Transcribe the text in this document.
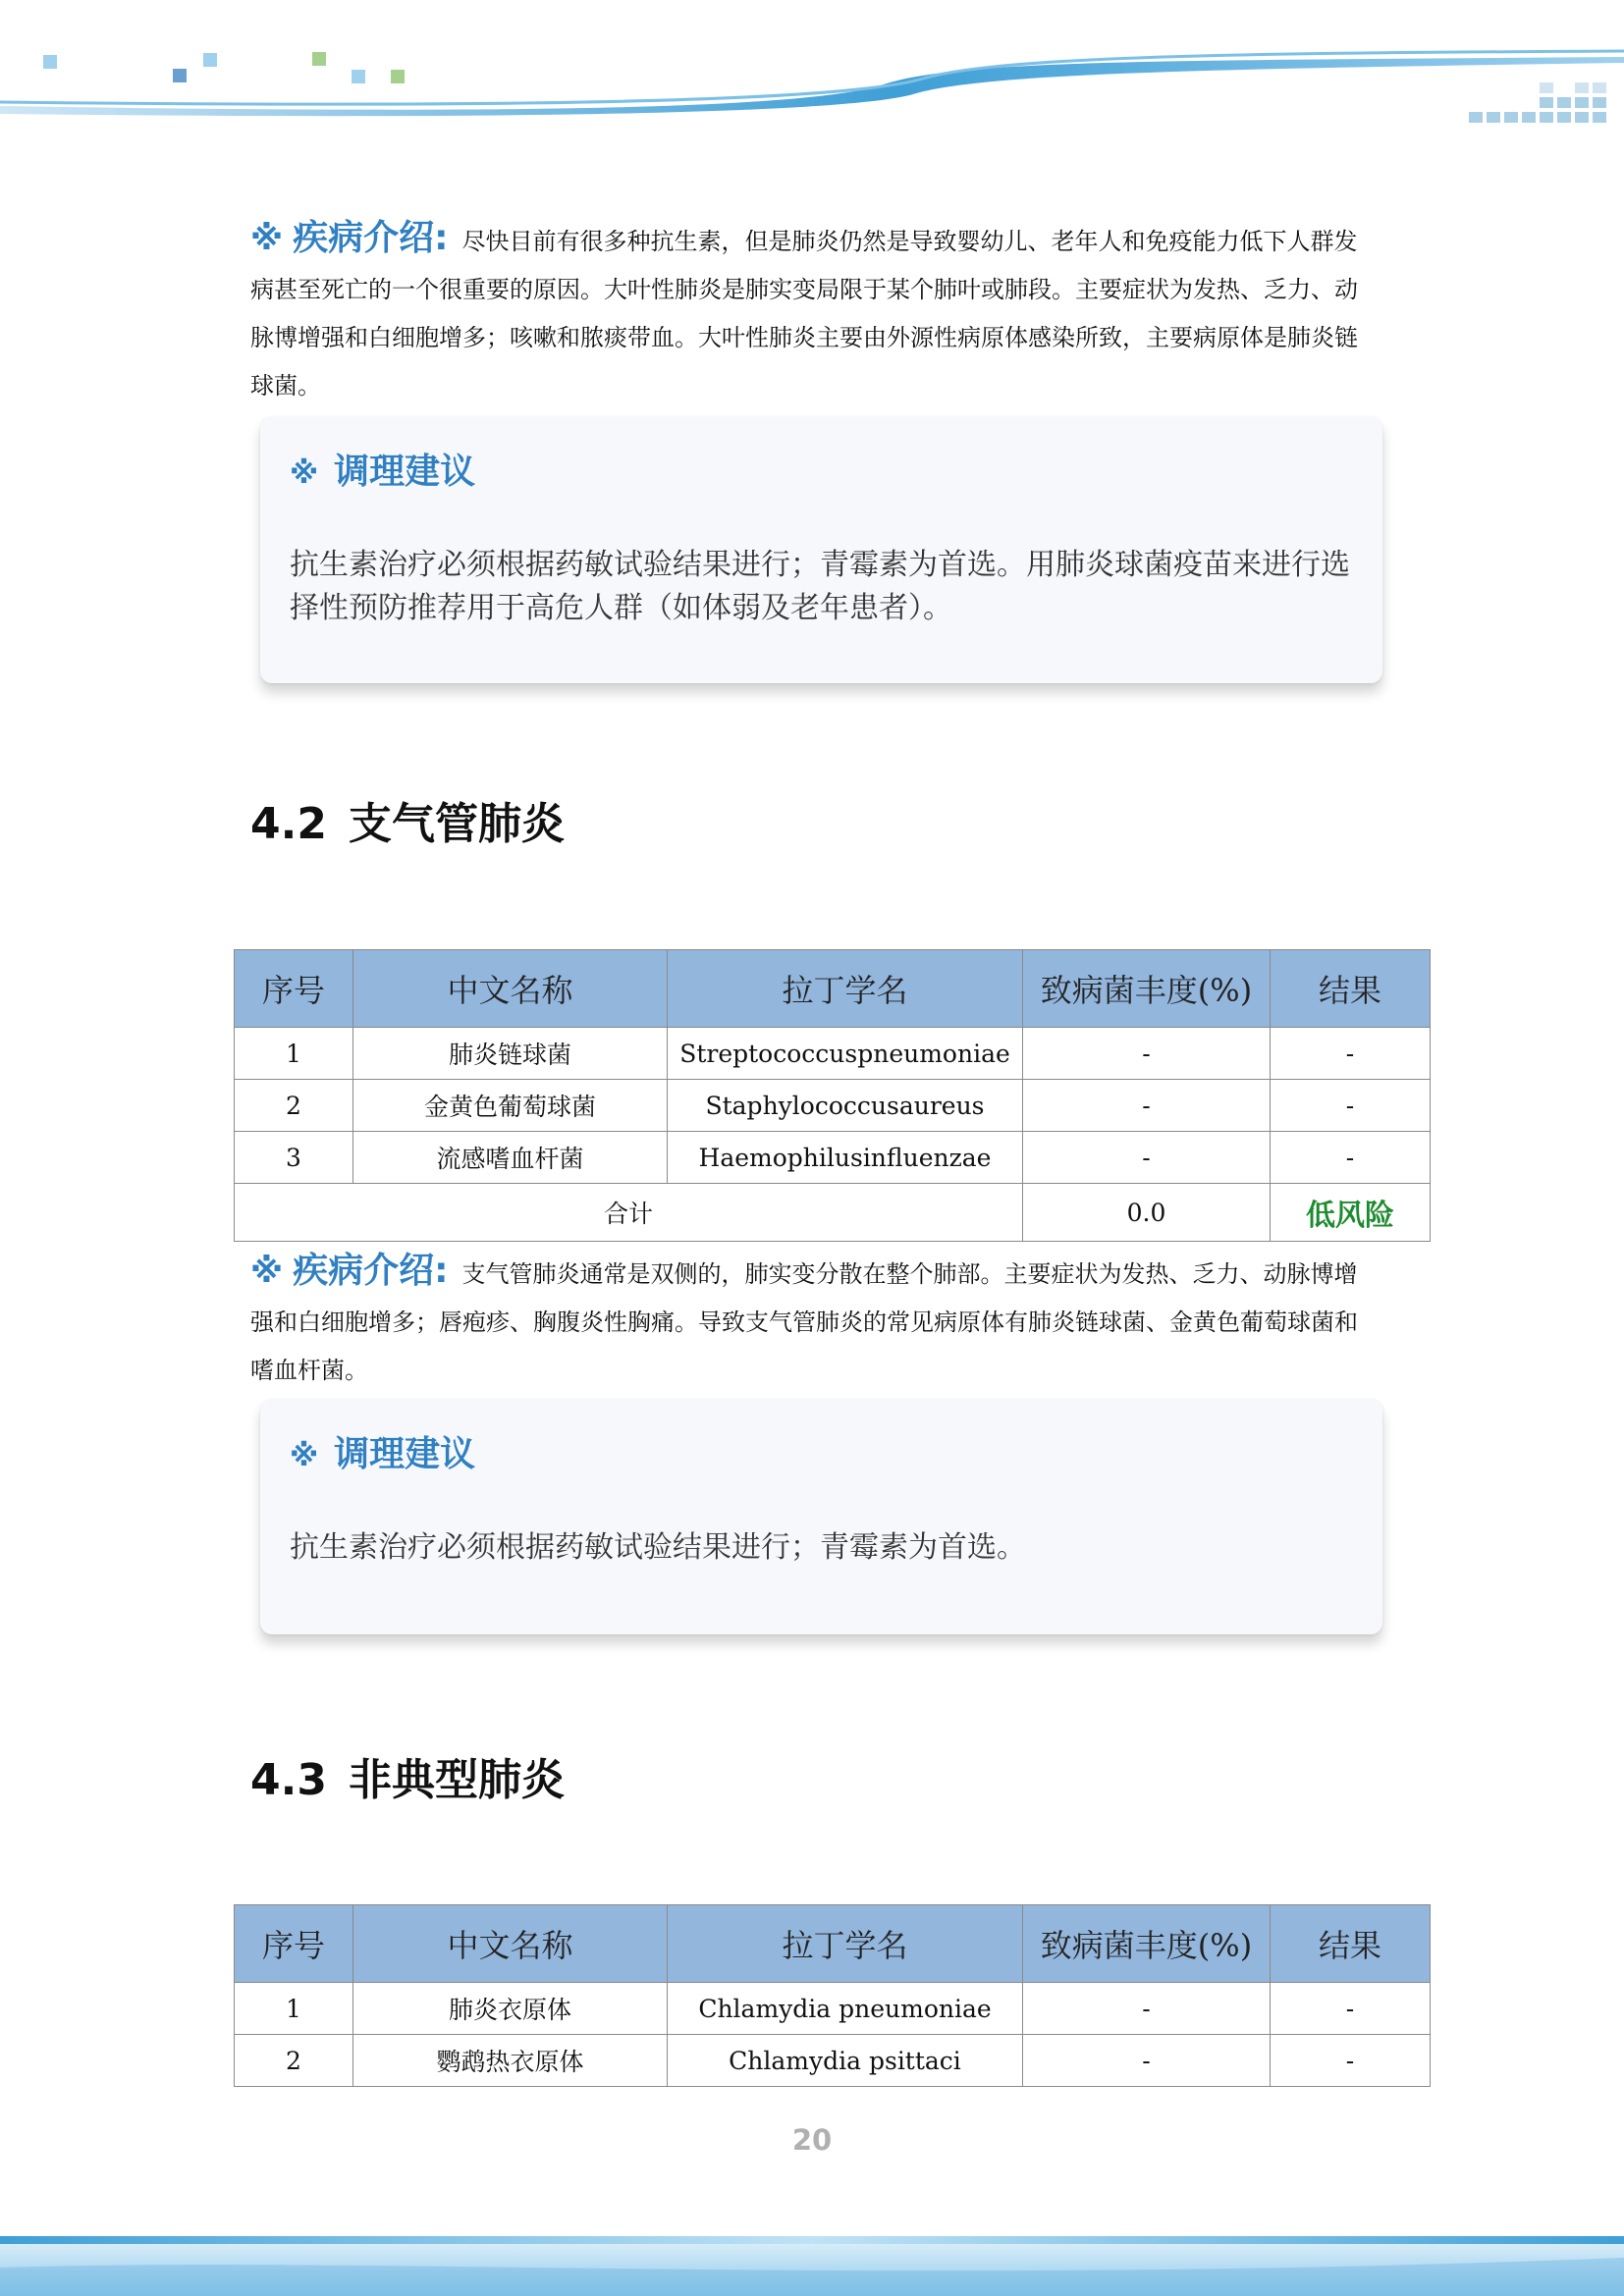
※ 疾病介绍: 尽快目前有很多种抗生素，但是肺炎仍然是导致婴幼儿、老年人和免疫能力低下人群发病甚至死亡的一个很重要的原因。大叶性肺炎是肺实变局限于某个肺叶或肺段。主要症状为发热、乏力、动脉博增强和白细胞增多；咳嗽和脓痰带血。大叶性肺炎主要由外源性病原体感染所致，主要病原体是肺炎链球菌。
※ 调理建议
抗生素治疗必须根据药敏试验结果进行；青霉素为首选。用肺炎球菌疫苗来进行选择性预防推荐用于高危人群（如体弱及老年患者）。
4.2 支气管肺炎
序号	中文名称	拉丁学名	致病菌丰度(%)	结果
1	肺炎链球菌	Streptococcuspneumoniae	-	-
2	金黄色葡萄球菌	Staphylococcusaureus	-	-
3	流感嗜血杆菌	Haemophilusinfluenzae	-	-
合计			0.0	低风险
※ 疾病介绍: 支气管肺炎通常是双侧的，肺实变分散在整个肺部。主要症状为发热、乏力、动脉博增强和白细胞增多；唇疱疹、胸腹炎性胸痛。导致支气管肺炎的常见病原体有肺炎链球菌、金黄色葡萄球菌和嗜血杆菌。
※ 调理建议
抗生素治疗必须根据药敏试验结果进行；青霉素为首选。
4.3 非典型肺炎
序号	中文名称	拉丁学名	致病菌丰度(%)	结果
1	肺炎衣原体	Chlamydia pneumoniae	-	-
2	鹦鹉热衣原体	Chlamydia psittaci	-	-
20
